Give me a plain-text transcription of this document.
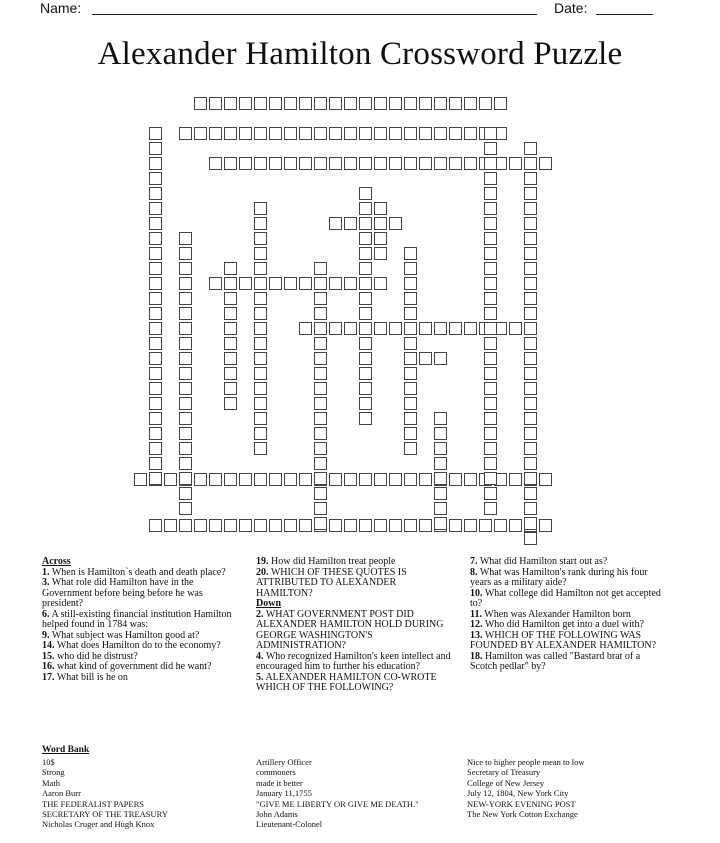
Name:	Date:
Alexander Hamilton Crossword Puzzle
Across
1. When is Hamilton`s death and death place?
3. What role did Hamilton have in the Government before being before he was president?
6. A still-existing financial institution Hamilton helped found in 1784 was:
9. What subject was Hamilton good at?
14. What does Hamilton do to the economy?
15. who did he distrust?
16. what kind of government did he want?
17. What bill is he on
19. How did Hamilton treat people
20. WHICH OF THESE QUOTES IS ATTRIBUTED TO ALEXANDER HAMILTON?
Down
2. WHAT GOVERNMENT POST DID ALEXANDER HAMILTON HOLD DURING GEORGE WASHINGTON'S ADMINISTRATION?
4. Who recognized Hamilton's keen intellect and encouraged him to further his education?
5. ALEXANDER HAMILTON CO-WROTE WHICH OF THE FOLLOWING?
7. What did Hamilton start out as?
8. What was Hamilton's rank during his four years as a military aide?
10. What college did Hamilton not get accepted to?
11. When was Alexander Hamilton born
12. Who did Hamilton get into a duel with?
13. WHICH OF THE FOLLOWING WAS FOUNDED BY ALEXANDER HAMILTON?
18. Hamilton was called "Bastard brat of a Scotch pedlar" by?
Word Bank
10$
Strong
Math
Aaron Burr
THE FEDERALIST PAPERS
SECRETARY OF THE TREASURY
Nicholas Cruger and Hugh Knox
Artillery Officer
commoners
made it better
January 11,1755
"GIVE ME LIBERTY OR GIVE ME DEATH."
John Adams
Lieutenant-Colonel
Nice to higher people mean to low
Secretary of Treasury
College of New Jersey
July 12, 1804, New York City
NEW-YORK EVENING POST
The New York Cotton Exchange
